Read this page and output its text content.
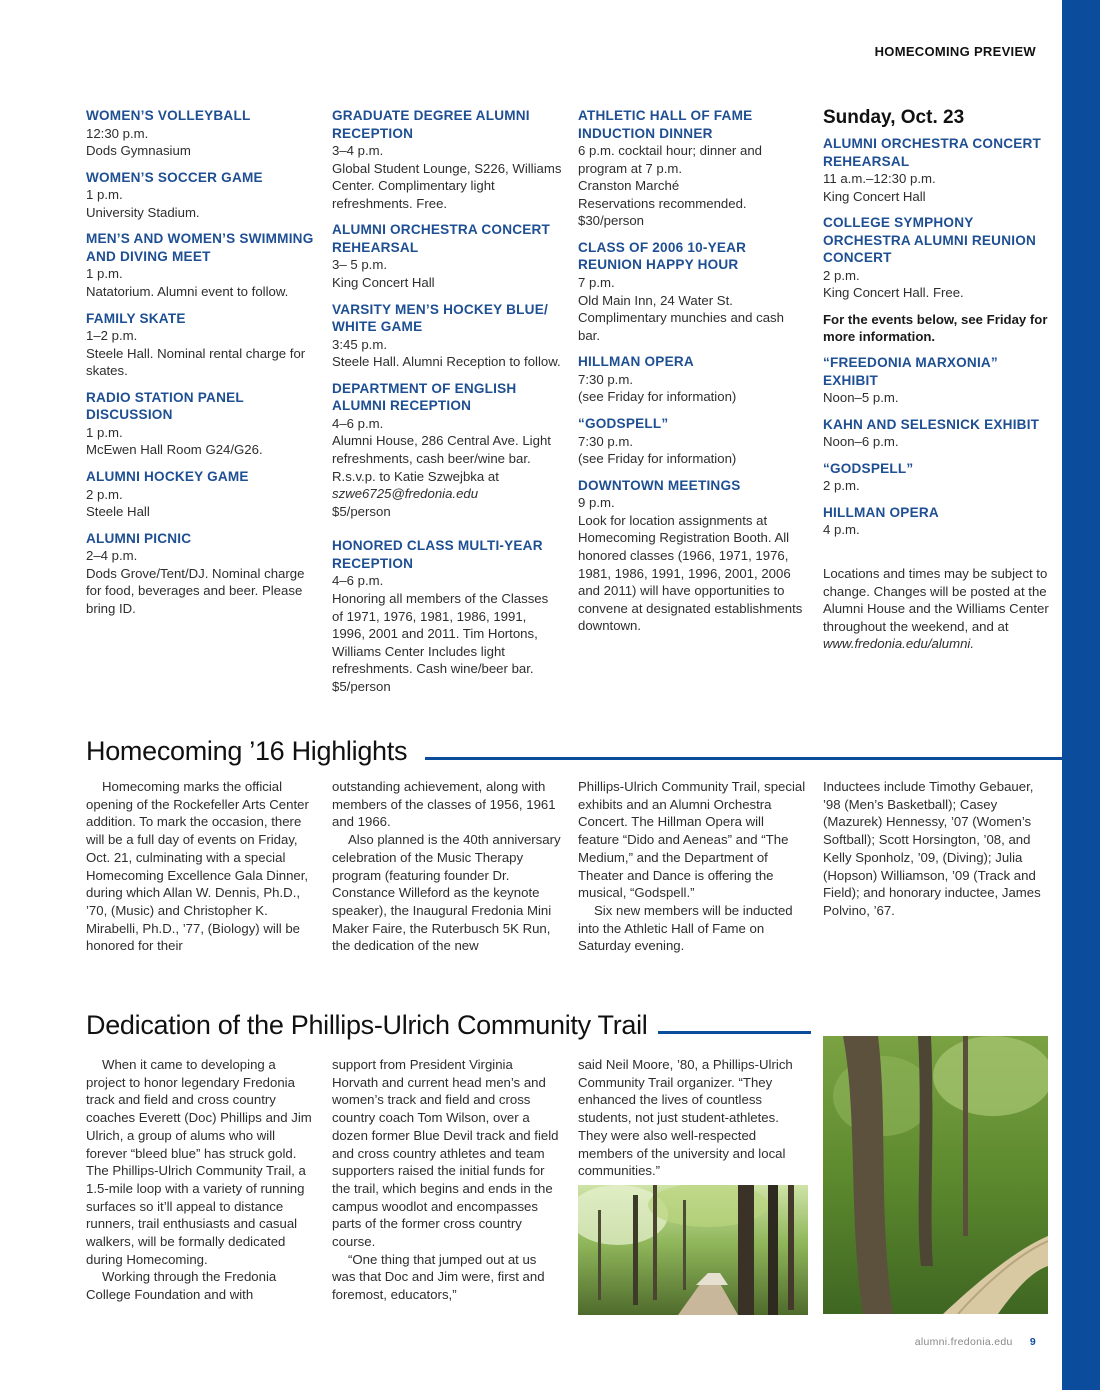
HOMECOMING PREVIEW
WOMEN’S VOLLEYBALL
12:30 p.m.
Dods Gymnasium
WOMEN’S SOCCER GAME
1 p.m.
University Stadium.
MEN’S AND WOMEN’S SWIMMING AND DIVING MEET
1 p.m.
Natatorium. Alumni event to follow.
FAMILY SKATE
1–2 p.m.
Steele Hall. Nominal rental charge for skates.
RADIO STATION PANEL DISCUSSION
1 p.m.
McEwen Hall Room G24/G26.
ALUMNI HOCKEY GAME
2 p.m.
Steele Hall
ALUMNI PICNIC
2–4 p.m.
Dods Grove/Tent/DJ. Nominal charge for food, beverages and beer. Please bring ID.
GRADUATE DEGREE ALUMNI RECEPTION
3–4 p.m.
Global Student Lounge, S226, Williams Center. Complimentary light refreshments. Free.
ALUMNI ORCHESTRA CONCERT REHEARSAL
3– 5 p.m.
King Concert Hall
VARSITY MEN’S HOCKEY BLUE/ WHITE GAME
3:45 p.m.
Steele Hall. Alumni Reception to follow.
DEPARTMENT OF ENGLISH ALUMNI RECEPTION
4–6 p.m.
Alumni House, 286 Central Ave. Light refreshments, cash beer/wine bar. R.s.v.p. to Katie Szwejbka at
szwe6725@fredonia.edu
$5/person
HONORED CLASS MULTI-YEAR RECEPTION
4–6 p.m.
Honoring all members of the Classes of 1971, 1976, 1981, 1986, 1991, 1996, 2001 and 2011. Tim Hortons, Williams Center Includes light refreshments. Cash wine/beer bar. $5/person
ATHLETIC HALL OF FAME INDUCTION DINNER
6 p.m. cocktail hour; dinner and program at 7 p.m.
Cranston Marché
Reservations recommended.
$30/person
CLASS OF 2006 10-YEAR REUNION HAPPY HOUR
7 p.m.
Old Main Inn, 24 Water St. Complimentary munchies and cash bar.
HILLMAN OPERA
7:30 p.m.
(see Friday for information)
“GODSPELL”
7:30 p.m.
(see Friday for information)
DOWNTOWN MEETINGS
9 p.m.
Look for location assignments at Homecoming Registration Booth. All honored classes (1966, 1971, 1976, 1981, 1986, 1991, 1996, 2001, 2006 and 2011) will have opportunities to convene at designated establishments downtown.
Sunday, Oct. 23
ALUMNI ORCHESTRA CONCERT REHEARSAL
11 a.m.–12:30 p.m.
King Concert Hall
COLLEGE SYMPHONY ORCHESTRA ALUMNI REUNION CONCERT
2 p.m.
King Concert Hall. Free.
For the events below, see Friday for more information.
“FREEDONIA MARXONIA” EXHIBIT
Noon–5 p.m.
KAHN AND SELESNICK EXHIBIT
Noon–6 p.m.
“GODSPELL”
2 p.m.
HILLMAN OPERA
4 p.m.
Locations and times may be subject to change. Changes will be posted at the Alumni House and the Williams Center throughout the weekend, and at www.fredonia.edu/alumni.
Homecoming ’16 Highlights

Homecoming marks the official opening of the Rockefeller Arts Center addition. To mark the occasion, there will be a full day of events on Friday, Oct. 21, culminating with a special Homecoming Excellence Gala Dinner, during which Allan W. Dennis, Ph.D., ’70, (Music) and Christopher K. Mirabelli, Ph.D., ’77, (Biology) will be honored for their

outstanding achievement, along with members of the classes of 1956, 1961 and 1966.

Also planned is the 40th anniversary celebration of the Music Therapy program (featuring founder Dr. Constance Willeford as the keynote speaker), the Inaugural Fredonia Mini Maker Faire, the Ruterbusch 5K Run, the dedication of the new

Phillips-Ulrich Community Trail, special exhibits and an Alumni Orchestra Concert. The Hillman Opera will feature “Dido and Aeneas” and “The Medium,” and the Department of Theater and Dance is offering the musical, “Godspell.”

Six new members will be inducted into the Athletic Hall of Fame on Saturday evening.

Inductees include Timothy Gebauer, ’98 (Men’s Basketball); Casey (Mazurek) Hennessy, ’07 (Women’s Softball); Scott Horsington, ’08, and Kelly Sponholz, ’09, (Diving); Julia (Hopson) Williamson, ’09 (Track and Field); and honorary inductee, James Polvino, ’67.

Dedication of the Phillips-Ulrich Community Trail

When it came to developing a project to honor legendary Fredonia track and field and cross country coaches Everett (Doc) Phillips and Jim Ulrich, a group of alums who will forever “bleed blue” has struck gold. The Phillips-Ulrich Community Trail, a 1.5-mile loop with a variety of running surfaces so it’ll appeal to distance runners, trail enthusiasts and casual walkers, will be formally dedicated during Homecoming.

Working through the Fredonia College Foundation and with

support from President Virginia Horvath and current head men’s and women’s track and field and cross country coach Tom Wilson, over a dozen former Blue Devil track and field and cross country athletes and team supporters raised the initial funds for the trail, which begins and ends in the campus woodlot and encompasses parts of the former cross country course.

“One thing that jumped out at us was that Doc and Jim were, first and foremost, educators,”

said Neil Moore, ’80, a Phillips-Ulrich Community Trail organizer. “They enhanced the lives of countless students, not just student-athletes. They were also well-respected members of the university and local communities.”

alumni.fredonia.edu 9
